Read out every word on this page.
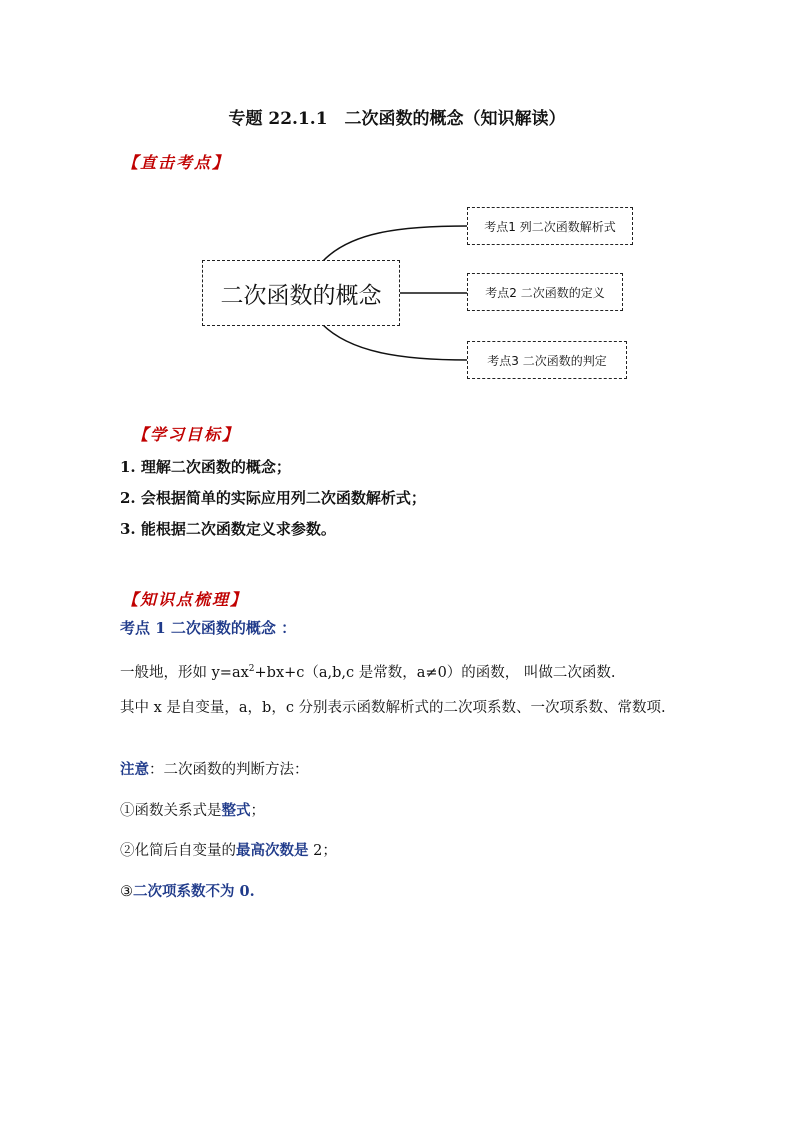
专题 22.1.1　二次函数的概念（知识解读）
【直击考点】
二次函数的概念
考点1 列二次函数解析式
考点2 二次函数的定义
考点3 二次函数的判定
【学习目标】
1. 理解二次函数的概念；
2. 会根据简单的实际应用列二次函数解析式；
3. 能根据二次函数定义求参数。
【知识点梳理】
考点 1 二次函数的概念 ：
一般地，形如 $y=ax^2+bx+c(a,b,c$ 是常数，a≠0）的函数， 叫做二次函数.
其中 x 是自变量，a，b，c 分别表示函数解析式的二次项系数、一次项系数、常数项.
注意：二次函数的判断方法：
①函数关系式是整式；
②化简后自变量的最高次数是 2；
③二次项系数不为 0.
